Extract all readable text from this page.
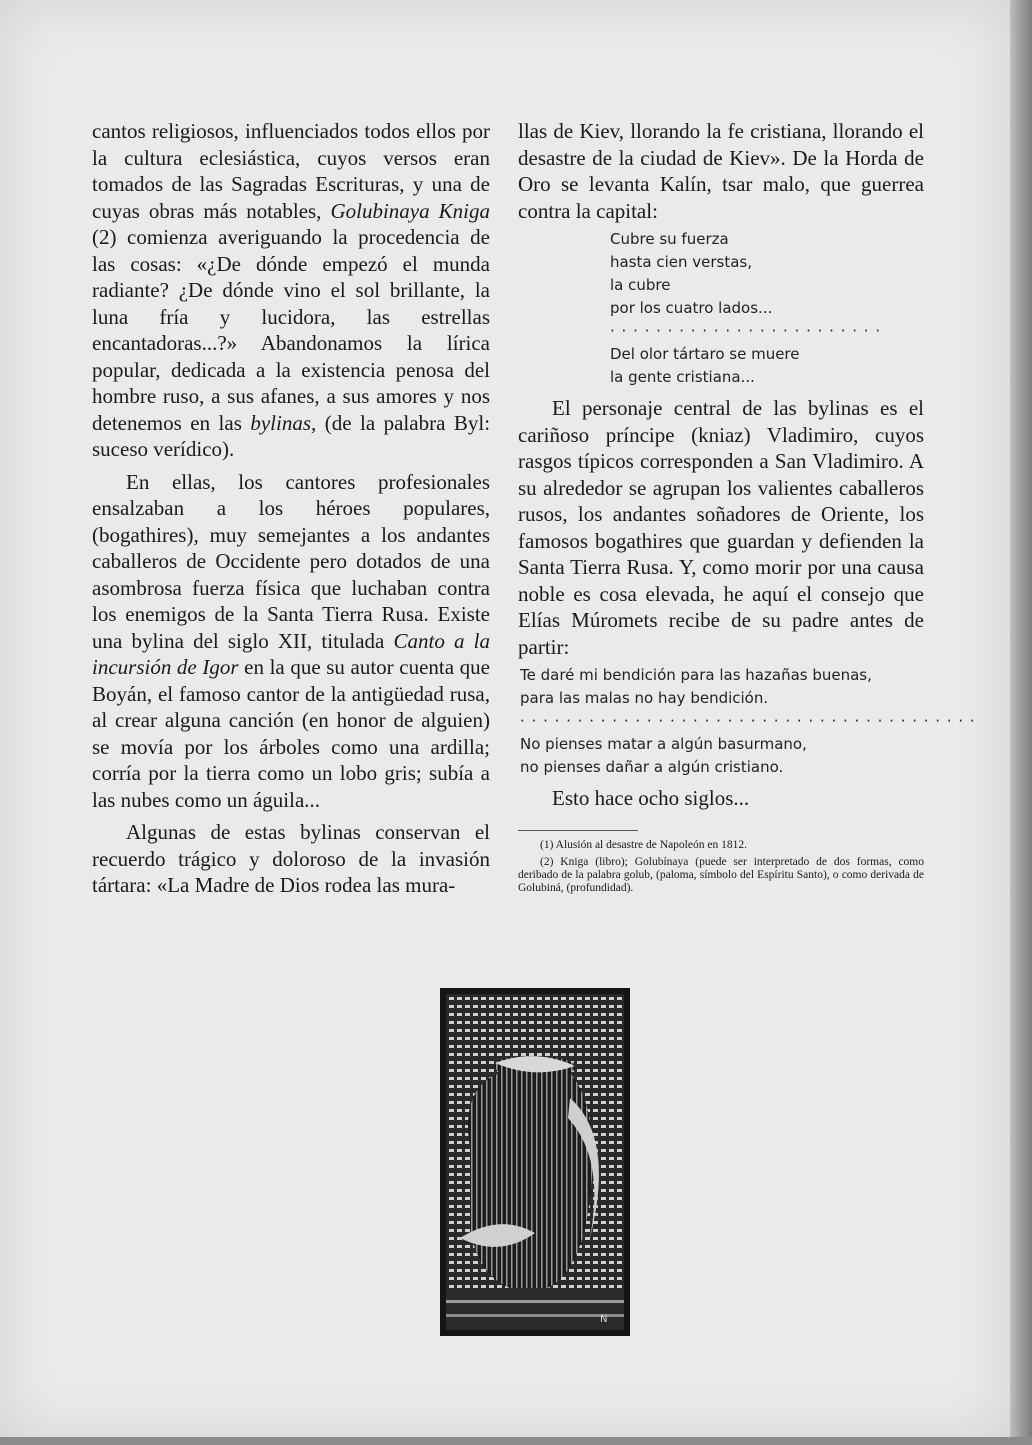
cantos religiosos, influenciados todos ellos por la cultura eclesiástica, cuyos versos eran tomados de las Sagradas Escrituras, y una de cuyas obras más notables, Golubinaya Kniga (2) comienza averiguando la procedencia de las cosas: «¿De dónde empezó el munda radiante? ¿De dónde vino el sol brillante, la luna fría y lucidora, las estrellas encantadoras...?» Abandonamos la lírica popular, dedicada a la existencia penosa del hombre ruso, a sus afanes, a sus amores y nos detenemos en las bylinas, (de la palabra Byl: suceso verídico).

En ellas, los cantores profesionales ensalzaban a los héroes populares, (bogathires), muy semejantes a los andantes caballeros de Occidente pero dotados de una asombrosa fuerza física que luchaban contra los enemigos de la Santa Tierra Rusa. Existe una bylina del siglo XII, titulada Canto a la incursión de Igor en la que su autor cuenta que Boyán, el famoso cantor de la antigüedad rusa, al crear alguna canción (en honor de alguien) se movía por los árboles como una ardilla; corría por la tierra como un lobo gris; subía a las nubes como un águila...

Algunas de estas bylinas conservan el recuerdo trágico y doloroso de la invasión tártara: «La Madre de Dios rodea las mura-

llas de Kiev, llorando la fe cristiana, llorando el desastre de la ciudad de Kiev». De la Horda de Oro se levanta Kalín, tsar malo, que guerrea contra la capital:

Cubre su fuerza
hasta cien verstas,
la cubre
por los cuatro lados...
· · · · · · · · · · · · · · · · · · · · · · · ·
Del olor tártaro se muere
la gente cristiana...

El personaje central de las bylinas es el cariñoso príncipe (kniaz) Vladimiro, cuyos rasgos típicos corresponden a San Vladimiro. A su alrededor se agrupan los valientes caballeros rusos, los andantes soñadores de Oriente, los famosos bogathires que guardan y defienden la Santa Tierra Rusa. Y, como morir por una causa noble es cosa elevada, he aquí el consejo que Elías Múromets recibe de su padre antes de partir:

Te daré mi bendición para las hazañas buenas,
para las malas no hay bendición.
· · · · · · · · · · · · · · · · · · · · · · · · · · · · · · · · · · · · · · · ·
No pienses matar a algún basurmano,
no pienses dañar a algún cristiano.

Esto hace ocho siglos...

(1) Alusión al desastre de Napoleón en 1812.

(2) Kniga (libro); Golubínaya (puede ser interpretado de dos formas, como deribado de la palabra golub, (paloma, símbolo del Espíritu Santo), o como derivada de Golubiná, (profundidad).

N
